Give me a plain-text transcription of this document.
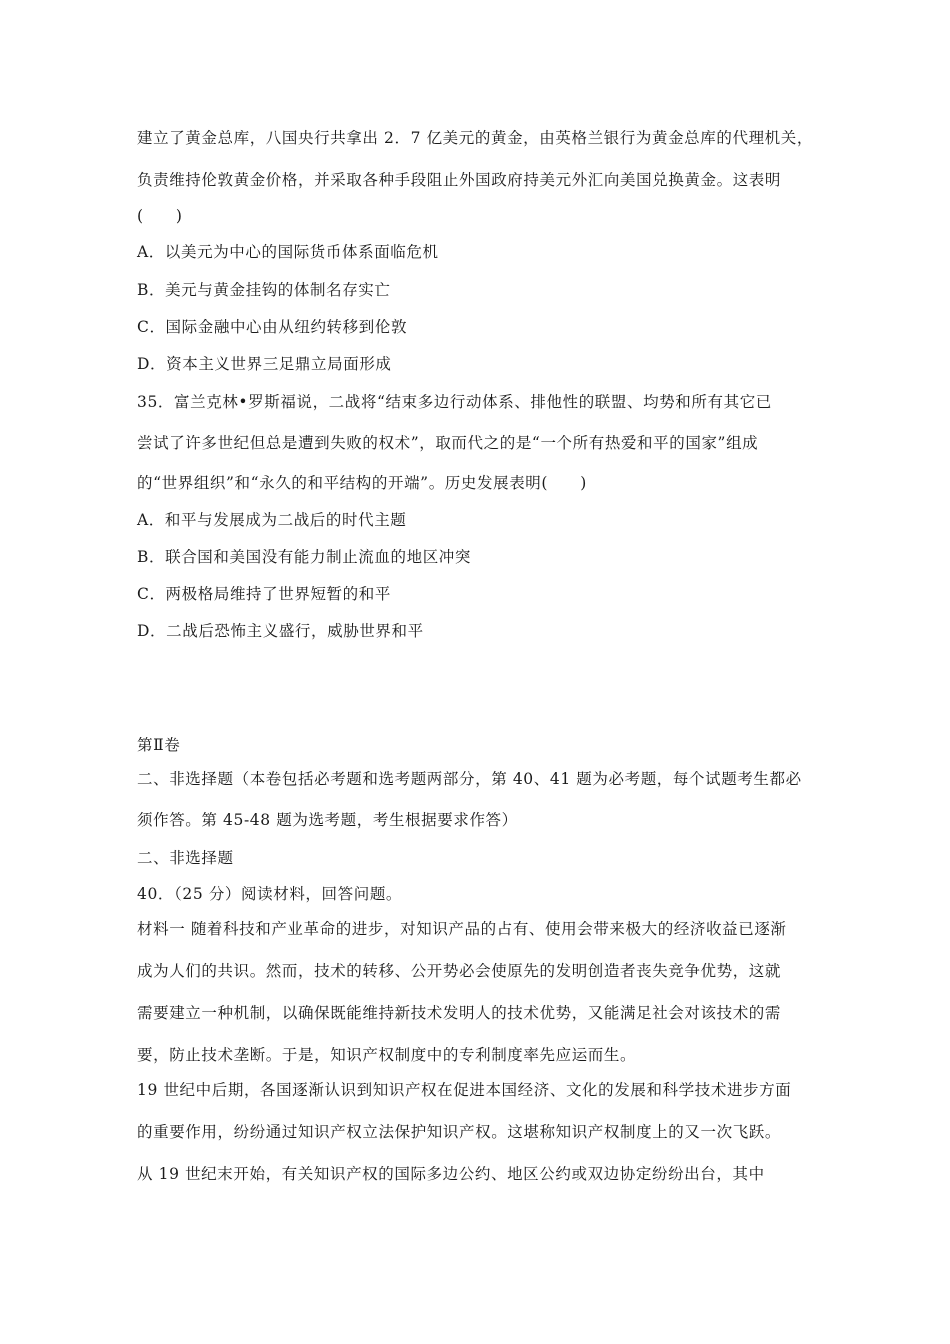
建立了黄金总库，八国央行共拿出 2．7 亿美元的黄金，由英格兰银行为黄金总库的代理机关，
负责维持伦敦黄金价格，并采取各种手段阻止外国政府持美元外汇向美国兑换黄金。这表明
(　　)
A．以美元为中心的国际货币体系面临危机
B．美元与黄金挂钩的体制名存实亡
C．国际金融中心由从纽约转移到伦敦
D．资本主义世界三足鼎立局面形成
35．富兰克林•罗斯福说，二战将“结束多边行动体系、排他性的联盟、均势和所有其它已
尝试了许多世纪但总是遭到失败的权术”，取而代之的是“一个所有热爱和平的国家”组成
的“世界组织”和“永久的和平结构的开端”。历史发展表明(　　)
A．和平与发展成为二战后的时代主题
B．联合国和美国没有能力制止流血的地区冲突
C．两极格局维持了世界短暂的和平
D．二战后恐怖主义盛行，威胁世界和平
第Ⅱ卷
二、非选择题（本卷包括必考题和选考题两部分，第 40、41 题为必考题，每个试题考生都必
须作答。第 45-48 题为选考题，考生根据要求作答）
二、非选择题
40．（25 分）阅读材料，回答问题。
材料一 随着科技和产业革命的进步，对知识产品的占有、使用会带来极大的经济收益已逐渐
成为人们的共识。然而，技术的转移、公开势必会使原先的发明创造者丧失竞争优势，这就
需要建立一种机制，以确保既能维持新技术发明人的技术优势，又能满足社会对该技术的需
要，防止技术垄断。于是，知识产权制度中的专利制度率先应运而生。
19 世纪中后期，各国逐渐认识到知识产权在促进本国经济、文化的发展和科学技术进步方面
的重要作用，纷纷通过知识产权立法保护知识产权。这堪称知识产权制度上的又一次飞跃。
从 19 世纪末开始，有关知识产权的国际多边公约、地区公约或双边协定纷纷出台，其中
